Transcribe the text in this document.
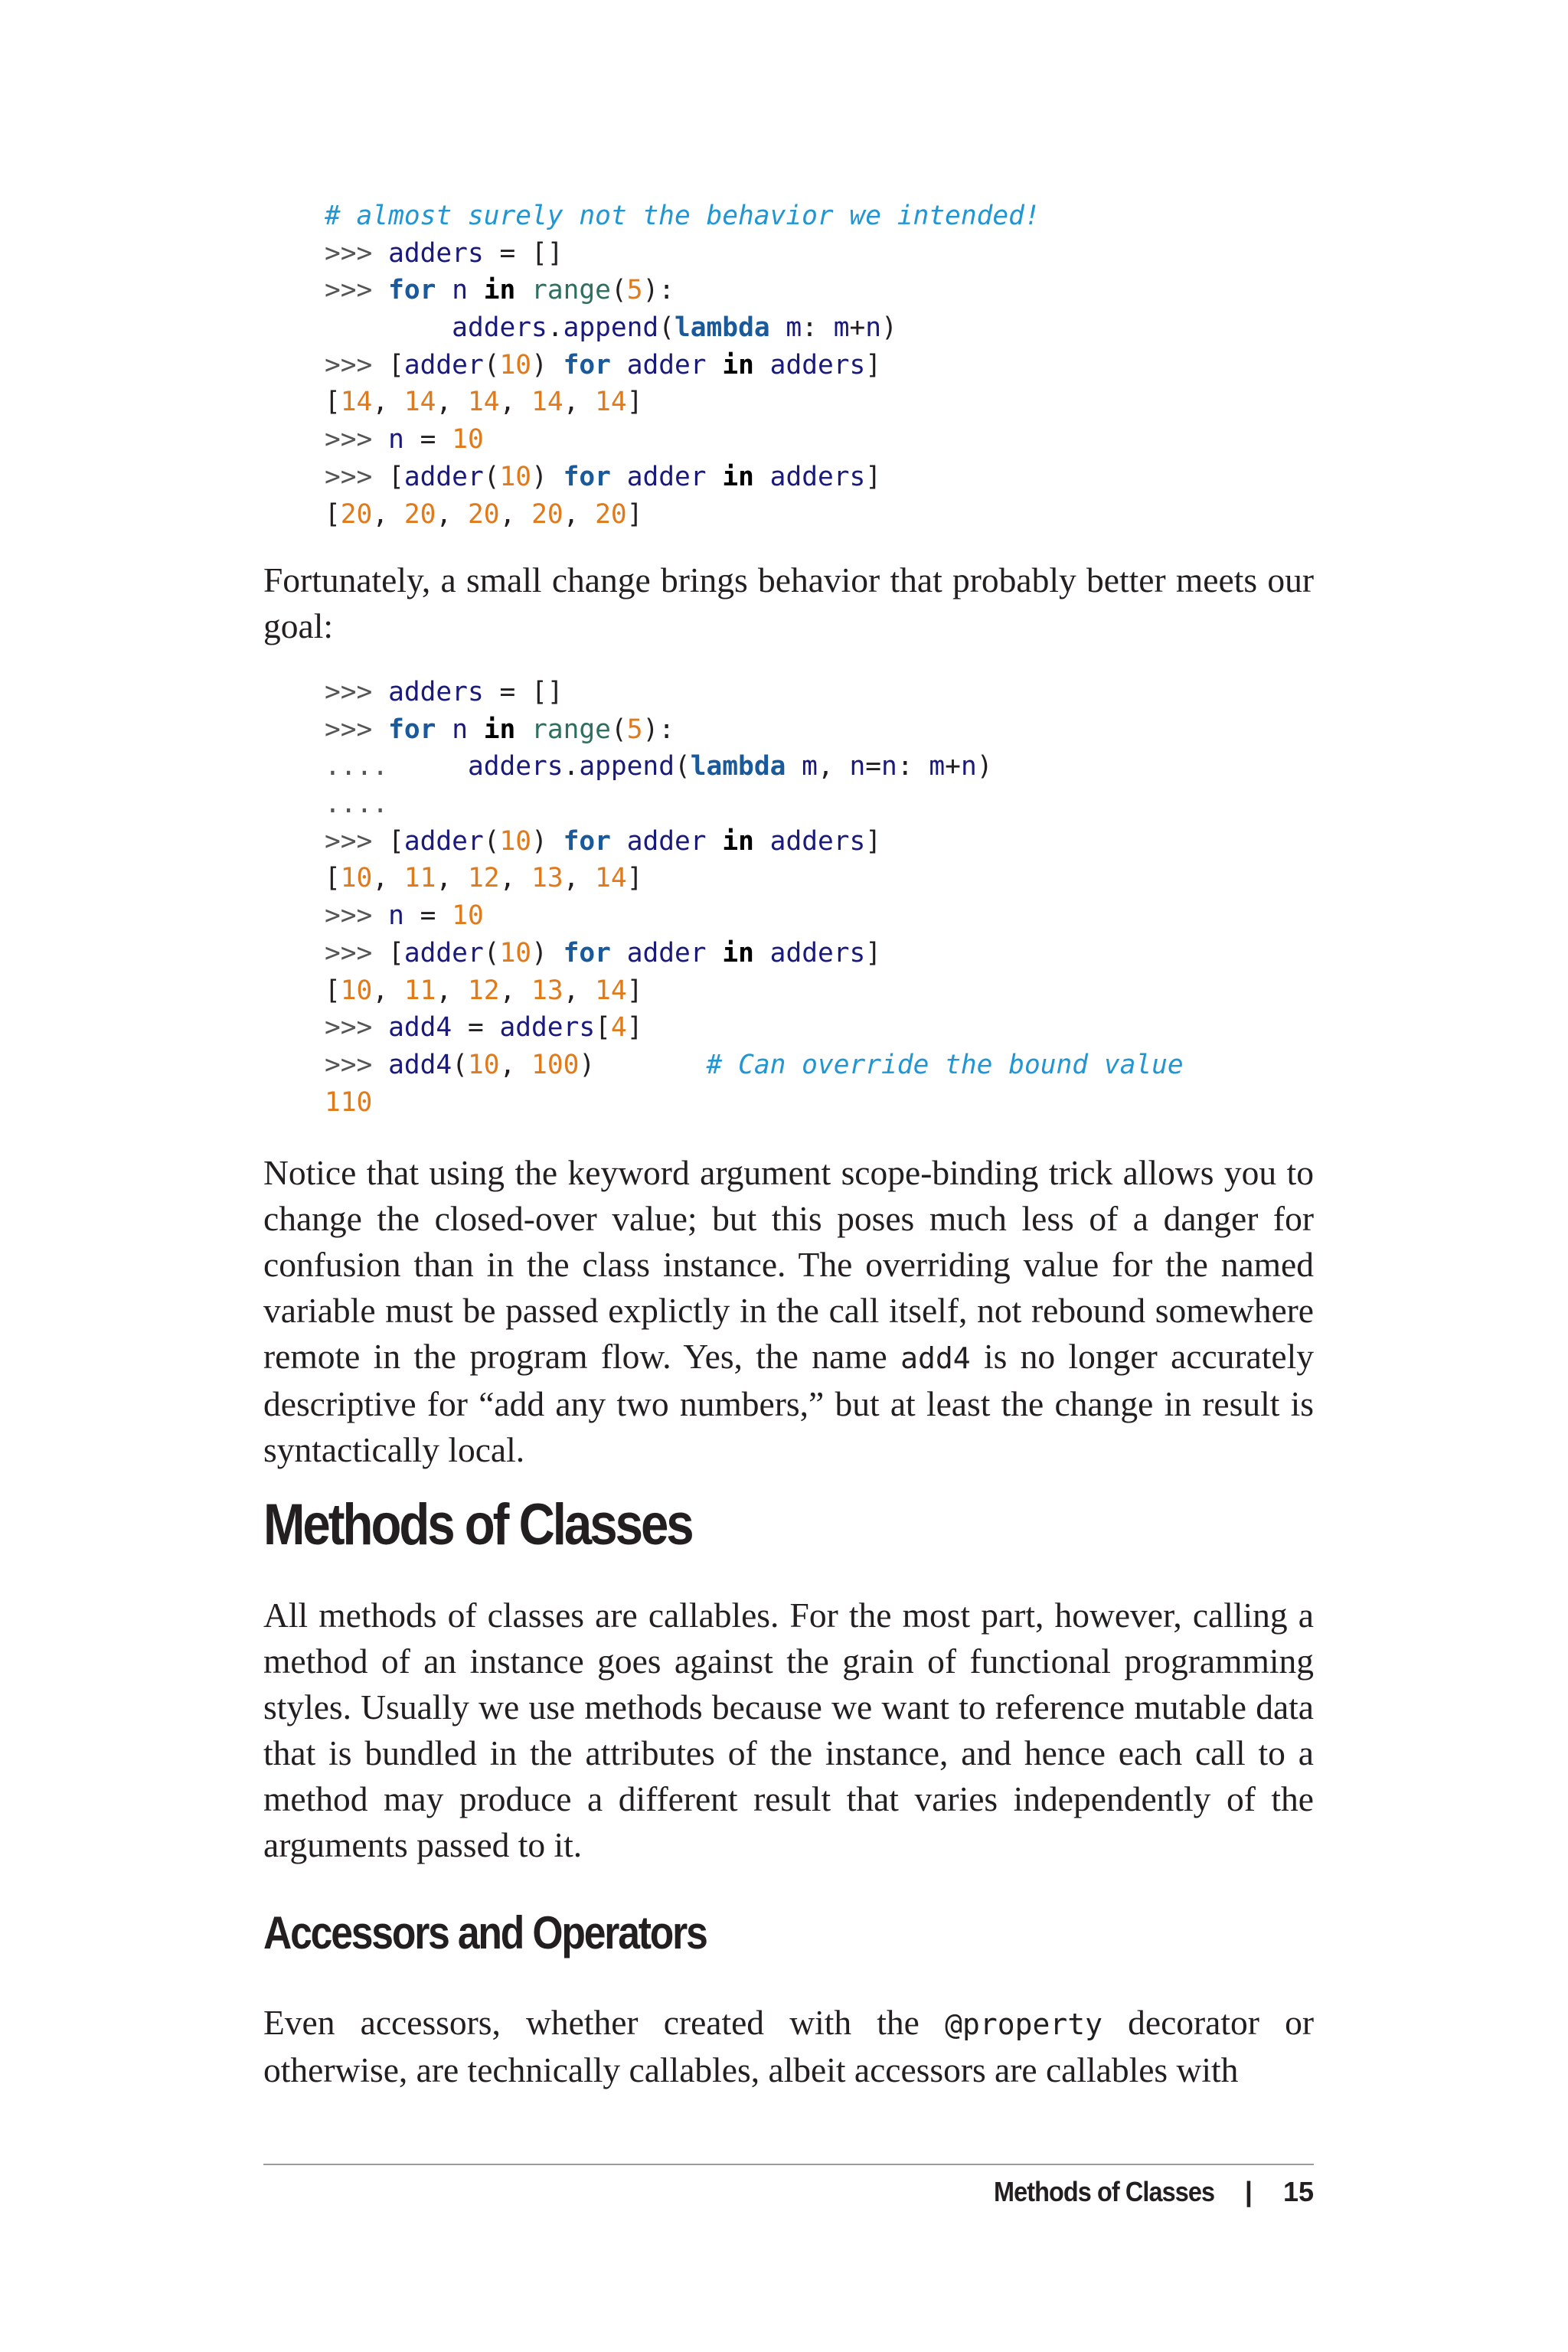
# almost surely not the behavior we intended!
>>> adders = []
>>> for n in range(5):
adders.append(lambda m: m+n)
>>> [adder(10) for adder in adders]
[14, 14, 14, 14, 14]
>>> n = 10
>>> [adder(10) for adder in adders]
[20, 20, 20, 20, 20]

Fortunately, a small change brings behavior that probably better meets our goal:

>>> adders = []
>>> for n in range(5):
....     adders.append(lambda m, n=n: m+n)
....
>>> [adder(10) for adder in adders]
[10, 11, 12, 13, 14]
>>> n = 10
>>> [adder(10) for adder in adders]
[10, 11, 12, 13, 14]
>>> add4 = adders[4]
>>> add4(10, 100)       # Can override the bound value
110

Notice that using the keyword argument scope-binding trick allows you to change the closed-over value; but this poses much less of a danger for confusion than in the class instance. The overriding value for the named variable must be passed explictly in the call itself, not rebound somewhere remote in the program flow. Yes, the name add4 is no longer accurately descriptive for “add any two numbers,” but at least the change in result is syntactically local.

Methods of Classes

All methods of classes are callables. For the most part, however, calling a method of an instance goes against the grain of functional programming styles. Usually we use methods because we want to reference mutable data that is bundled in the attributes of the instance, and hence each call to a method may produce a different result that varies independently of the arguments passed to it.

Accessors and Operators

Even accessors, whether created with the @property decorator or otherwise, are technically callables, albeit accessors are callables with

Methods of Classes | 15
